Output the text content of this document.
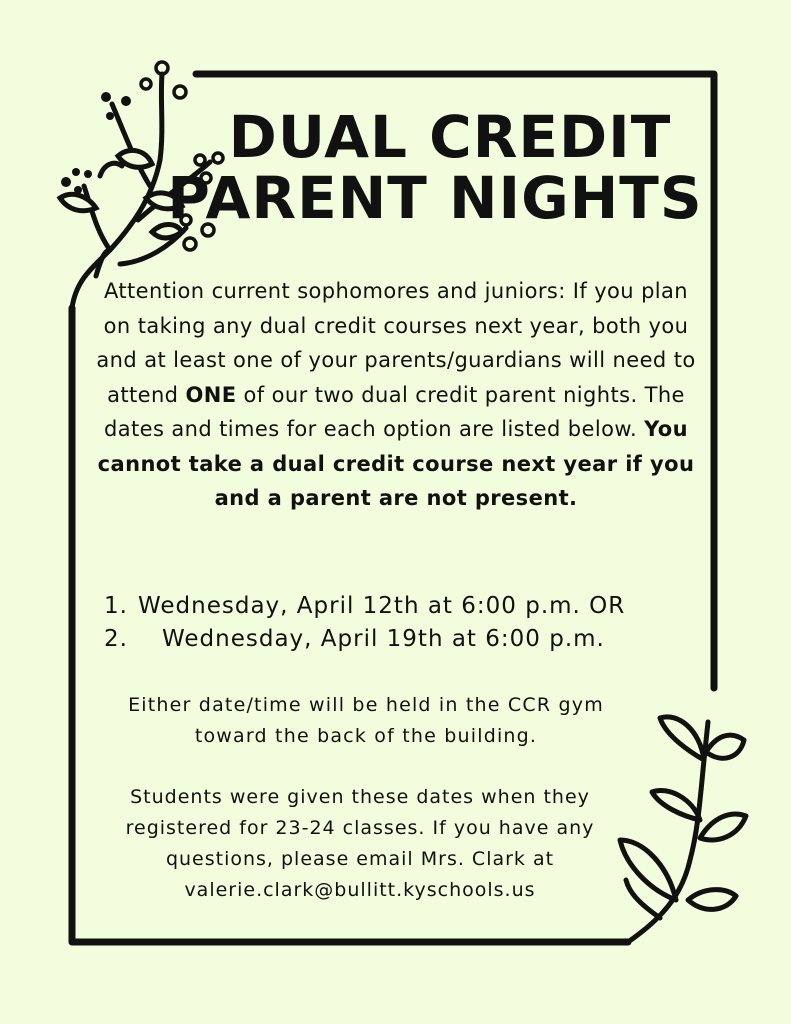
DUAL CREDIT
PARENT NIGHTS
Attention current sophomores and juniors: If you plan on taking any dual credit courses next year, both you and at least one of your parents/guardians will need to attend ONE of our two dual credit parent nights. The dates and times for each option are listed below. You cannot take a dual credit course next year if you and a parent are not present.
1. Wednesday, April 12th at 6:00 p.m. OR
2. Wednesday, April 19th at 6:00 p.m.
Either date/time will be held in the CCR gym toward the back of the building.
Students were given these dates when they registered for 23-24 classes. If you have any questions, please email Mrs. Clark at valerie.clark@bullitt.kyschools.us
